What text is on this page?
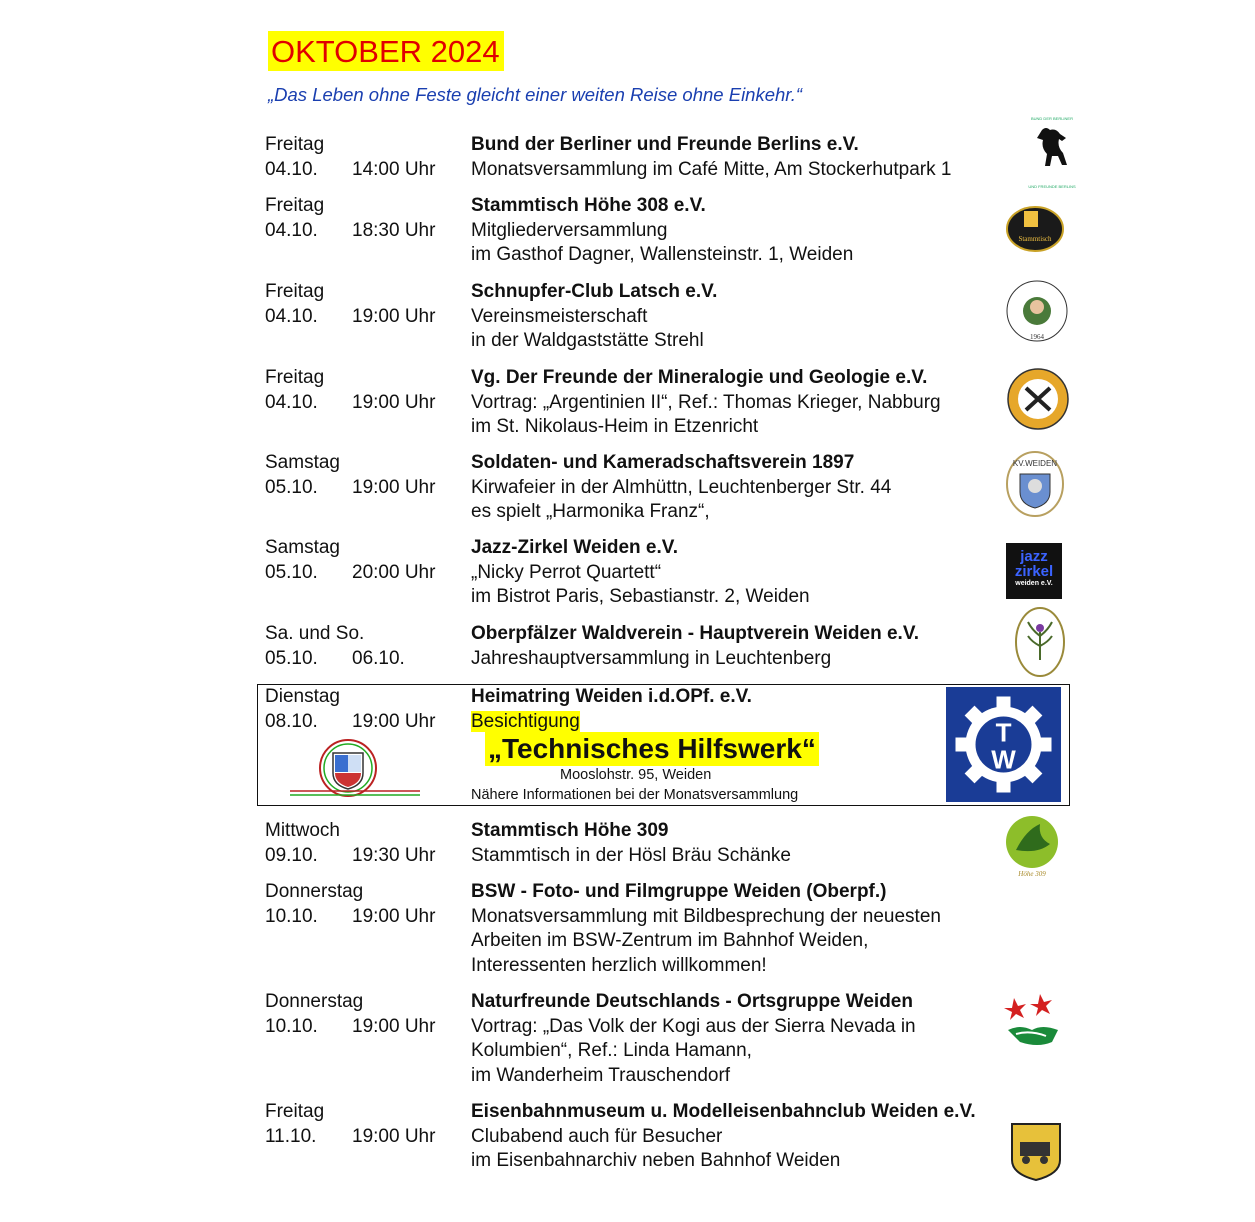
OKTOBER 2024
„Das Leben ohne Feste gleicht einer weiten Reise ohne Einkehr.“
Freitag
04.10. 14:00 Uhr
Bund der Berliner und Freunde Berlins e.V.
Monatsversammlung im Café Mitte, Am Stockerhutpark 1
Freitag
04.10. 18:30 Uhr
Stammtisch Höhe 308 e.V.
Mitgliederversammlung
im Gasthof Dagner, Wallensteinstr. 1, Weiden
Freitag
04.10. 19:00 Uhr
Schnupfer-Club Latsch e.V.
Vereinsmeisterschaft
in der Waldgaststätte Strehl
Freitag
04.10. 19:00 Uhr
Vg. Der Freunde der Mineralogie und Geologie e.V.
Vortrag: „Argentinien II“, Ref.: Thomas Krieger, Nabburg
im St. Nikolaus-Heim in Etzenricht
Samstag
05.10. 19:00 Uhr
Soldaten- und Kameradschaftsverein 1897
Kirwafeier in der Almhüttn, Leuchtenberger Str. 44
es spielt „Harmonika Franz“,
Samstag
05.10. 20:00 Uhr
Jazz-Zirkel Weiden e.V.
„Nicky Perrot Quartett“
im Bistrot Paris, Sebastianstr. 2, Weiden
Sa. und So.
05.10. 06.10.
Oberpfälzer Waldverein - Hauptverein Weiden e.V.
Jahreshauptversammlung in Leuchtenberg
Dienstag
08.10. 19:00 Uhr
Heimatring Weiden i.d.OPf. e.V.
Besichtigung
„Technisches Hilfswerk“
Mooslohstr. 95, Weiden
Nähere Informationen bei der Monatsversammlung
T
W
Mittwoch
09.10. 19:30 Uhr
Stammtisch Höhe 309
Stammtisch in der Hösl Bräu Schänke
Donnerstag
10.10. 19:00 Uhr
BSW - Foto- und Filmgruppe Weiden (Oberpf.)
Monatsversammlung mit Bildbesprechung der neuesten
Arbeiten im BSW-Zentrum im Bahnhof Weiden,
Interessenten herzlich willkommen!
Donnerstag
10.10. 19:00 Uhr
Naturfreunde Deutschlands - Ortsgruppe Weiden
Vortrag: „Das Volk der Kogi aus der Sierra Nevada in
Kolumbien“, Ref.: Linda Hamann,
im Wanderheim Trauschendorf
Freitag
11.10. 19:00 Uhr
Eisenbahnmuseum u. Modelleisenbahnclub Weiden e.V.
Clubabend auch für Besucher
im Eisenbahnarchiv neben Bahnhof Weiden
BUND DER BERLINER
UND FREUNDE BERLINS
Stammtisch
1964
KV.WEIDEN
jazz
zirkel
weiden e.V.
Höhe 309
